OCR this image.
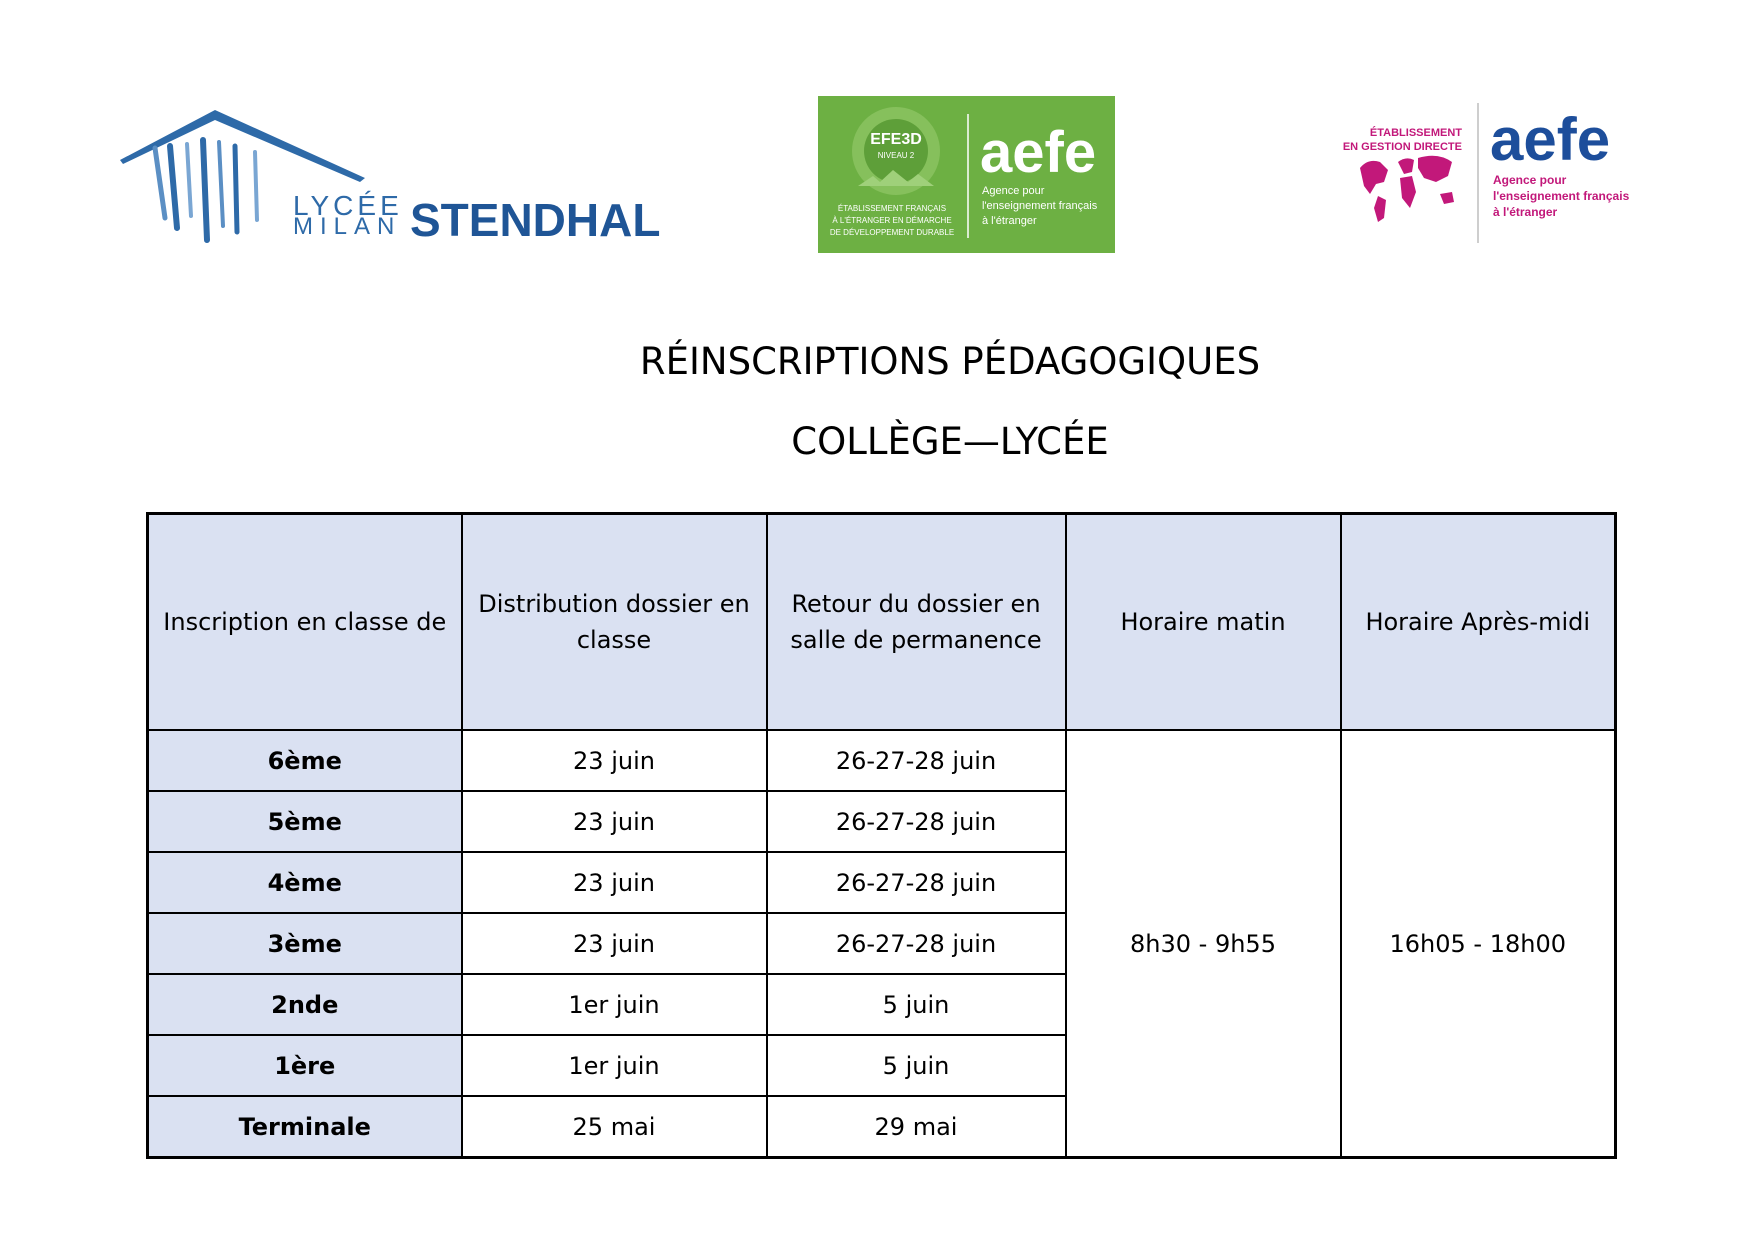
LYCÉE
MILAN STENDHAL
EFE3D
NIVEAU 2
ÉTABLISSEMENT FRANÇAIS
À L'ÉTRANGER EN DÉMARCHE
DE DÉVELOPPEMENT DURABLE
aefe
Agence pour
l'enseignement français
à l'étranger
ÉTABLISSEMENT
EN GESTION DIRECTE aefe
Agence pour
l'enseignement français
à l'étranger
RÉINSCRIPTIONS PÉDAGOGIQUES
COLLÈGE—LYCÉE
Inscription en classe de	Distribution dossier en classe	Retour du dossier en salle de permanence	Horaire matin	Horaire Après-midi
6ème	23 juin	26-27-28 juin	8h30 - 9h55	16h05 - 18h00
5ème	23 juin	26-27-28 juin		
4ème	23 juin	26-27-28 juin		
3ème	23 juin	26-27-28 juin		
2nde	1er juin	5 juin		
1ère	1er juin	5 juin		
Terminale	25 mai	29 mai		
